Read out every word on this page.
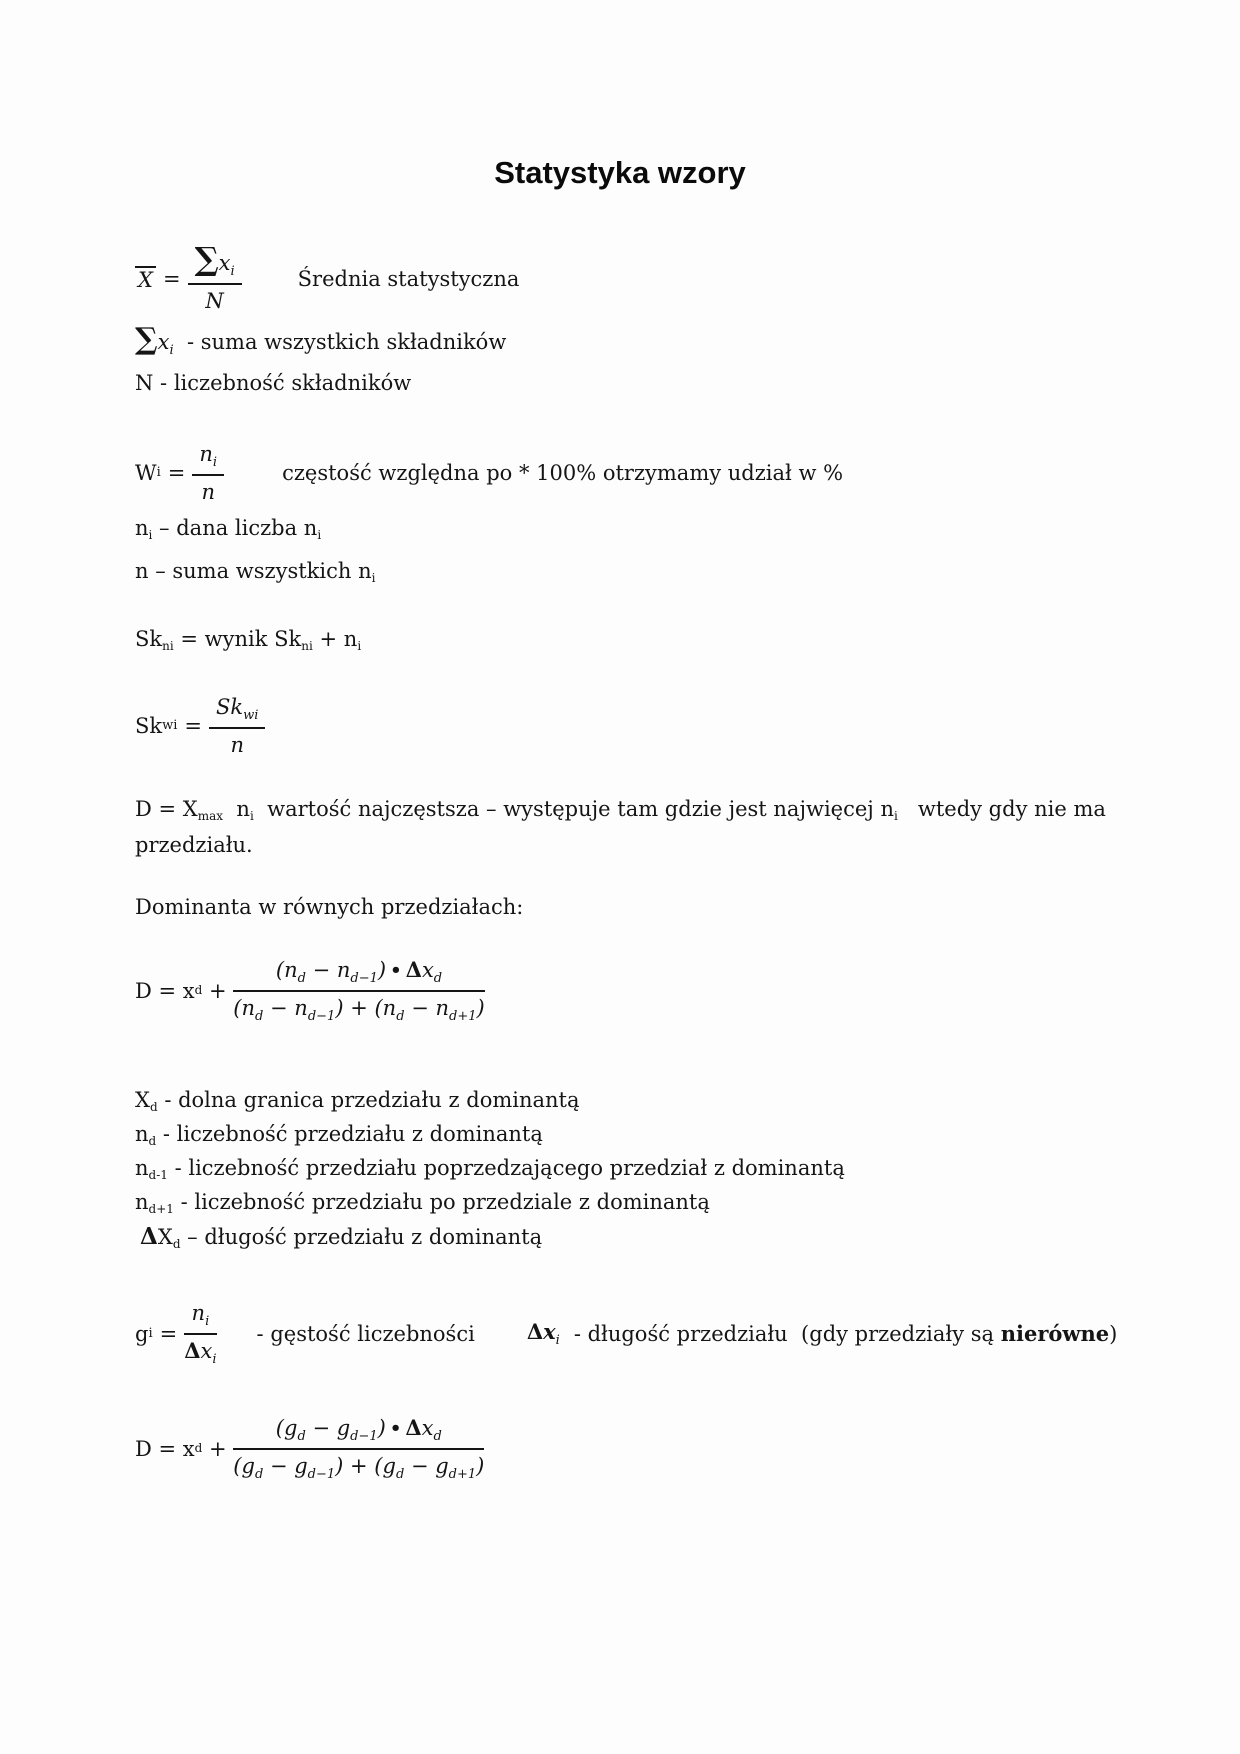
Statystyka wzory
$X = \frac{\sum x_i}{N}$	Średnia statystyczna
$\sum x_i$  - suma wszystkich składników
N - liczebność składników
W $i = \frac{n_i}{n}$	częstość względna po * 100% otrzymamy udział w %
ni – dana liczba ni
n – suma wszystkich ni
Skni = wynik Skni + ni
Sk wi = $\frac{Sk_{wi}}{n}$
D = Xmax  ni  wartość najczęstsza – występuje tam gdzie jest najwięcej ni   wtedy gdy nie ma
przedziału.
Dominanta w równych przedziałach:
D = x $d + \frac{(n_d - n_{d-1}) • \Delta x_d}{(n_d - n_{d-1}) + (n_d - n_{d+1})}$
Xd - dolna granica przedziału z dominantą
nd - liczebność przedziału z dominantą
nd-1 - liczebność przedziału poprzedzającego przedział z dominantą
nd+1 - liczebność przedziału po przedziale z dominantą
ΔXd – długość przedziału z dominantą
g $i = \frac{n_i}{\Delta x_i}$ - gęstość liczebności $\Delta x_i$ - długość przedziału  (gdy przedziały są nierówne)
D = x $d + \frac{(g_d - g_{d-1}) • \Delta x_d}{(g_d - g_{d-1}) + (g_d - g_{d+1})}$
